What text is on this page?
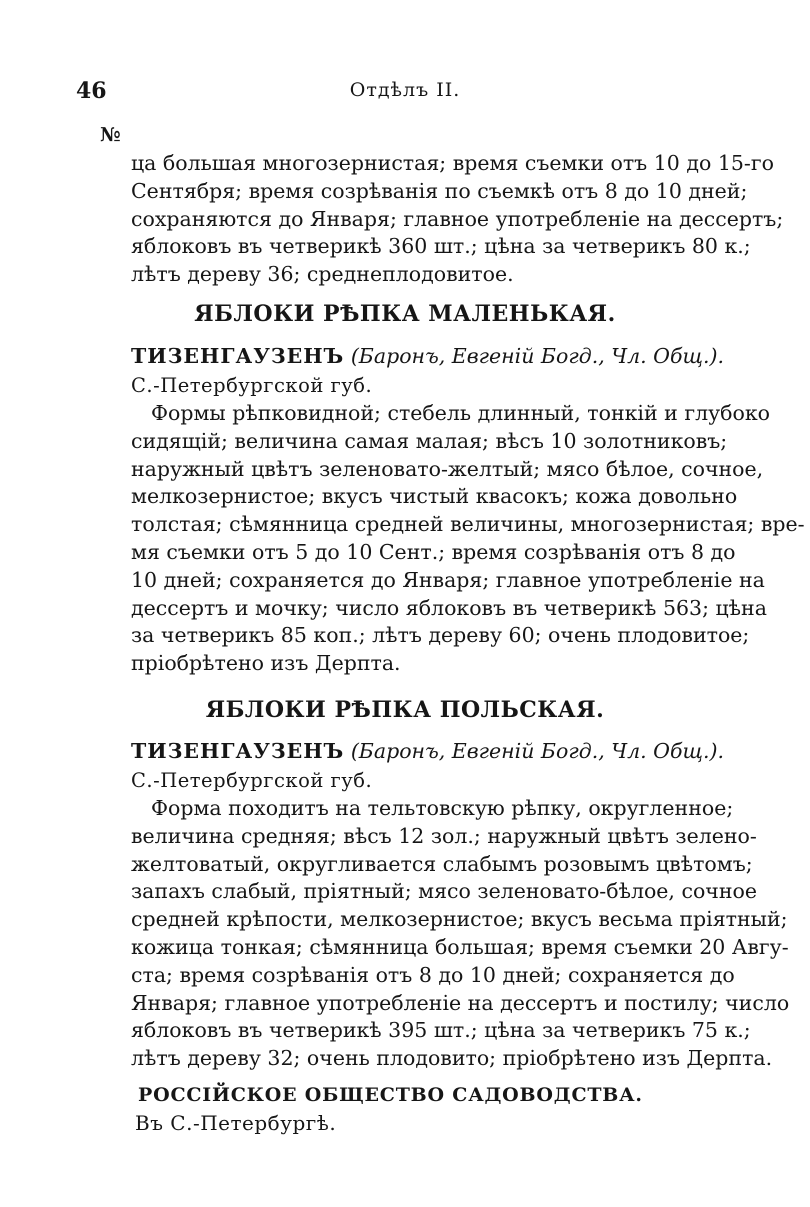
46	Отдѣлъ II.
№
ца большая многозернистая; время съемки отъ 10 до 15-го
Сентября; время созрѣванія по съемкѣ отъ 8 до 10 дней;
сохраняются до Января; главное употребленіе на дессертъ;
яблоковъ въ четверикѣ 360 шт.; цѣна за четверикъ 80 к.;
лѣтъ дереву 36; среднеплодовитое.
ЯБЛОКИ РѢПКА МАЛЕНЬКАЯ.
ТИЗЕНГАУЗЕНЪ (Баронъ, Евгеній Богд., Чл. Общ.).
С.-Петербургской губ.
Формы рѣпковидной; стебель длинный, тонкій и глубоко
сидящій; величина самая малая; вѣсъ 10 золотниковъ;
наружный цвѣтъ зеленовато-желтый; мясо бѣлое, сочное,
мелкозернистое; вкусъ чистый квасокъ; кожа довольно
толстая; сѣмянница средней величины, многозернистая; вре-
мя съемки отъ 5 до 10 Сент.; время созрѣванія отъ 8 до
10 дней; сохраняется до Января; главное употребленіе на
дессертъ и мочку; число яблоковъ въ четверикѣ 563; цѣна
за четверикъ 85 коп.; лѣтъ дереву 60; очень плодовитое;
пріобрѣтено изъ Дерпта.
ЯБЛОКИ РѢПКА ПОЛЬСКАЯ.
ТИЗЕНГАУЗЕНЪ (Баронъ, Евгеній Богд., Чл. Общ.).
С.-Петербургской губ.
Форма походитъ на тельтовскую рѣпку, округленное;
величина средняя; вѣсъ 12 зол.; наружный цвѣтъ зелено-
желтоватый, округливается слабымъ розовымъ цвѣтомъ;
запахъ слабый, пріятный; мясо зеленовато-бѣлое, сочное
средней крѣпости, мелкозернистое; вкусъ весьма пріятный;
кожица тонкая; сѣмянница большая; время съемки 20 Авгу-
ста; время созрѣванія отъ 8 до 10 дней; сохраняется до
Января; главное употребленіе на дессертъ и постилу; число
яблоковъ въ четверикѣ 395 шт.; цѣна за четверикъ 75 к.;
лѣтъ дереву 32; очень плодовито; пріобрѣтено изъ Дерпта.
РОССІЙСКОЕ ОБЩЕСТВО САДОВОДСТВА.
Въ С.-Петербургѣ.
